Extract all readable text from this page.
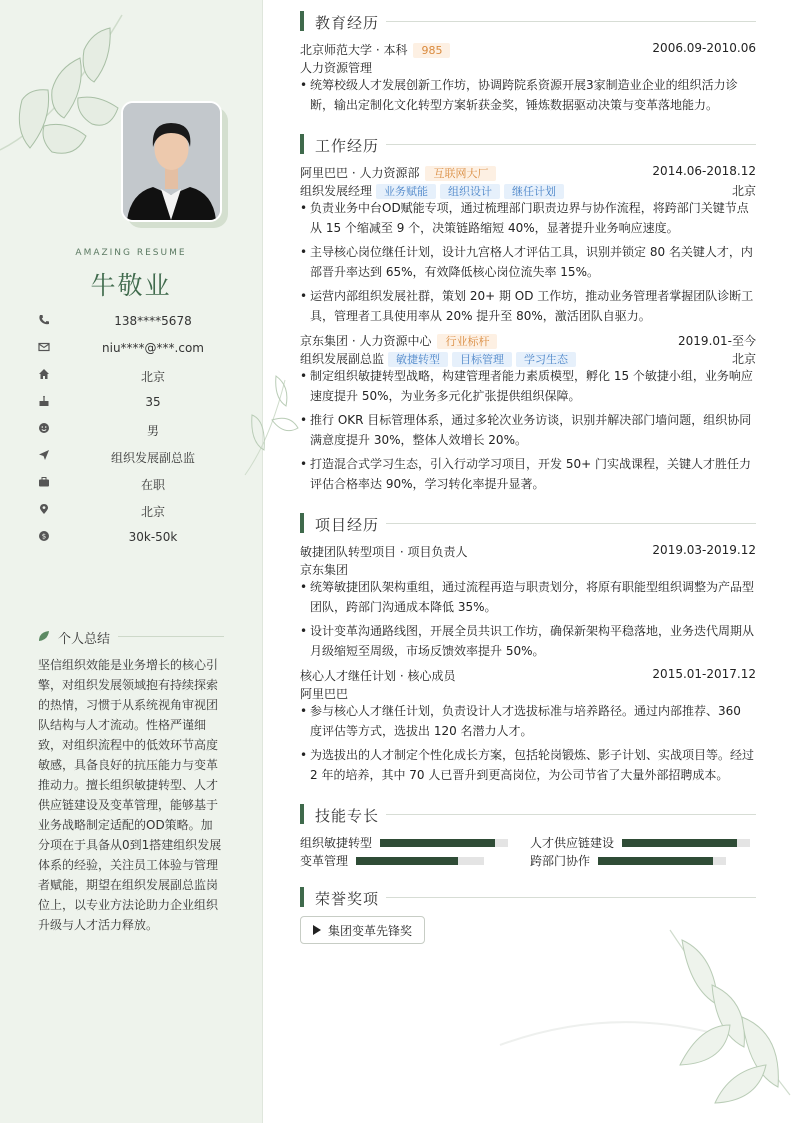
AMAZING RESUME
牛敬业
138****5678
niu****@***.com
北京
35
男
组织发展副总监
在职
北京
$	30k-50k
个人总结
坚信组织效能是业务增长的核心引擎，对组织发展领域抱有持续探索的热情，习惯于从系统视角审视团队结构与人才流动。性格严谨细致，对组织流程中的低效环节高度敏感，具备良好的抗压能力与变革推动力。擅长组织敏捷转型、人才供应链建设及变革管理，能够基于业务战略制定适配的OD策略。加分项在于具备从0到1搭建组织发展体系的经验，关注员工体验与管理者赋能，期望在组织发展副总监岗位上，以专业方法论助力企业组织升级与人才活力释放。
教育经历
北京师范大学 · 本科 985	2006.09-2010.06
人力资源管理
• 统筹校级人才发展创新工作坊，协调跨院系资源开展3家制造业企业的组织活力诊断，输出定制化文化转型方案斩获金奖，锤炼数据驱动决策与变革落地能力。
工作经历
阿里巴巴 · 人力资源部 互联网大厂	2014.06-2018.12
组织发展经理 业务赋能 组织设计 继任计划	北京
• 负责业务中台OD赋能专项，通过梳理部门职责边界与协作流程，将跨部门关键节点从 15 个缩减至 9 个，决策链路缩短 40%，显著提升业务响应速度。
• 主导核心岗位继任计划，设计九宫格人才评估工具，识别并锁定 80 名关键人才，内部晋升率达到 65%，有效降低核心岗位流失率 15%。
• 运营内部组织发展社群，策划 20+ 期 OD 工作坊，推动业务管理者掌握团队诊断工具，管理者工具使用率从 20% 提升至 80%，激活团队自驱力。
京东集团 · 人力资源中心 行业标杆	2019.01-至今
组织发展副总监 敏捷转型 目标管理 学习生态	北京
• 制定组织敏捷转型战略，构建管理者能力素质模型，孵化 15 个敏捷小组，业务响应速度提升 50%，为业务多元化扩张提供组织保障。
• 推行 OKR 目标管理体系，通过多轮次业务访谈，识别并解决部门墙问题，组织协同满意度提升 30%，整体人效增长 20%。
• 打造混合式学习生态，引入行动学习项目，开发 50+ 门实战课程，关键人才胜任力评估合格率达 90%，学习转化率提升显著。
项目经历
敏捷团队转型项目 · 项目负责人	2019.03-2019.12
京东集团
• 统筹敏捷团队架构重组，通过流程再造与职责划分，将原有职能型组织调整为产品型团队，跨部门沟通成本降低 35%。
• 设计变革沟通路线图，开展全员共识工作坊，确保新架构平稳落地，业务迭代周期从月级缩短至周级，市场反馈效率提升 50%。
核心人才继任计划 · 核心成员	2015.01-2017.12
阿里巴巴
• 参与核心人才继任计划，负责设计人才选拔标准与培养路径。通过内部推荐、360 度评估等方式，选拔出 120 名潜力人才。
• 为选拔出的人才制定个性化成长方案，包括轮岗锻炼、影子计划、实战项目等。经过 2 年的培养，其中 70 人已晋升到更高岗位，为公司节省了大量外部招聘成本。
技能专长
组织敏捷转型	人才供应链建设
变革管理	跨部门协作
荣誉奖项
集团变革先锋奖
